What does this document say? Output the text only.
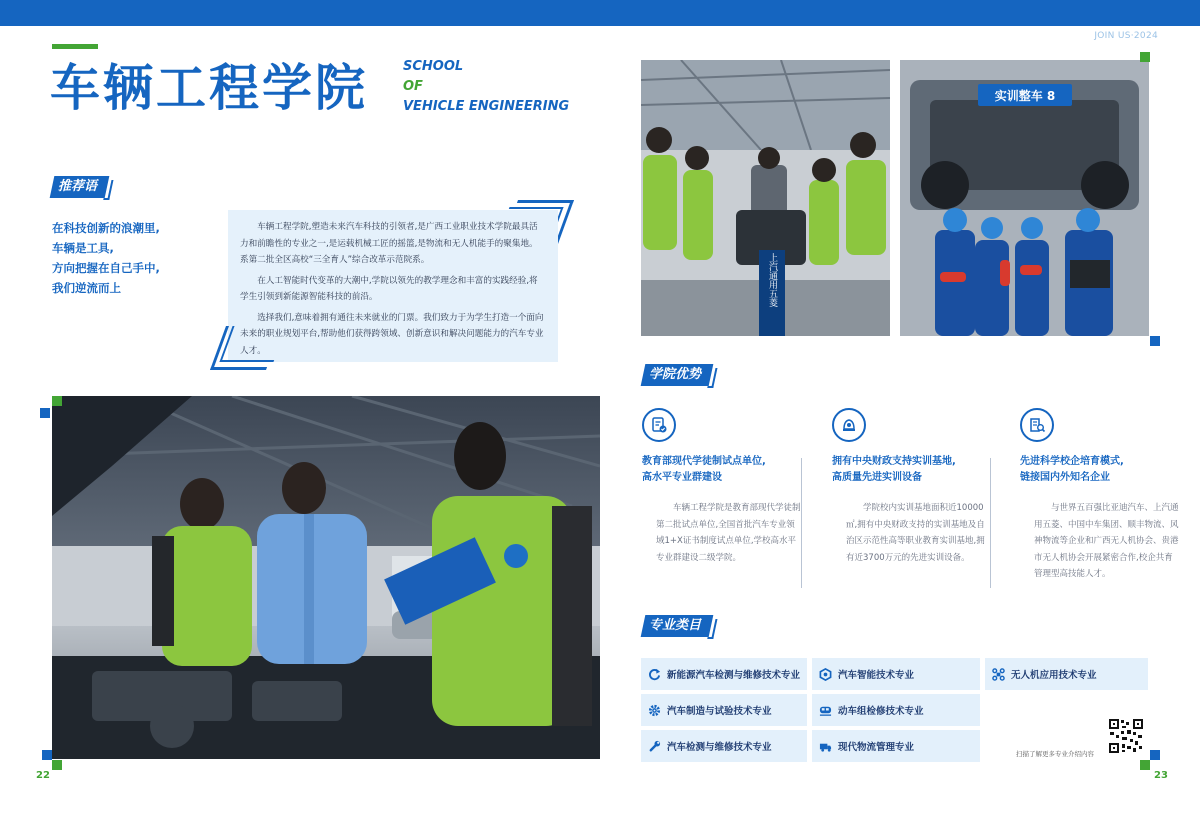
车辆工程学院	SCHOOL
OF
VEHICLE ENGINEERING
推荐语
在科技创新的浪潮里,
车辆是工具,
方向把握在自己手中,
我们逆流而上

车辆工程学院,塑造未来汽车科技的引领者,是广西工业职业技术学院最具活力和前瞻性的专业之一,是运载机械工匠的摇篮,是物流和无人机能手的聚集地。系第二批全区高校“三全育人”综合改革示范院系。

在人工智能时代变革的大潮中,学院以领先的教学理念和丰富的实践经验,将学生引领到新能源智能科技的前沿。

选择我们,意味着拥有通往未来就业的门票。我们致力于为学生打造一个面向未来的职业规划平台,帮助他们获得跨领域、创新意识和解决问题能力的汽车专业人才。

22
JOIN US·2024
上汽通用五菱
实训整车 8
学院优势
教育部现代学徒制试点单位,
高水平专业群建设

车辆工程学院是教育部现代学徒制第二批试点单位,全国首批汽车专业领域1+X证书制度试点单位,学校高水平专业群建设二级学院。

拥有中央财政支持实训基地,
高质量先进实训设备

学院校内实训基地面积近10000㎡,拥有中央财政支持的实训基地及自治区示范性高等职业教育实训基地,拥有近3700万元的先进实训设备。

先进科学校企培育模式,
链接国内外知名企业

与世界五百强比亚迪汽车、上汽通用五菱、中国中车集团、顺丰物流、风神物流等企业和广西无人机协会、贵港市无人机协会开展紧密合作,校企共育管理型高技能人才。

专业类目
新能源汽车检测与维修技术专业	汽车智能技术专业	无人机应用技术专业
汽车制造与试验技术专业	动车组检修技术专业
汽车检测与维修技术专业	现代物流管理专业
扫描了解更多专业介绍内容
23
